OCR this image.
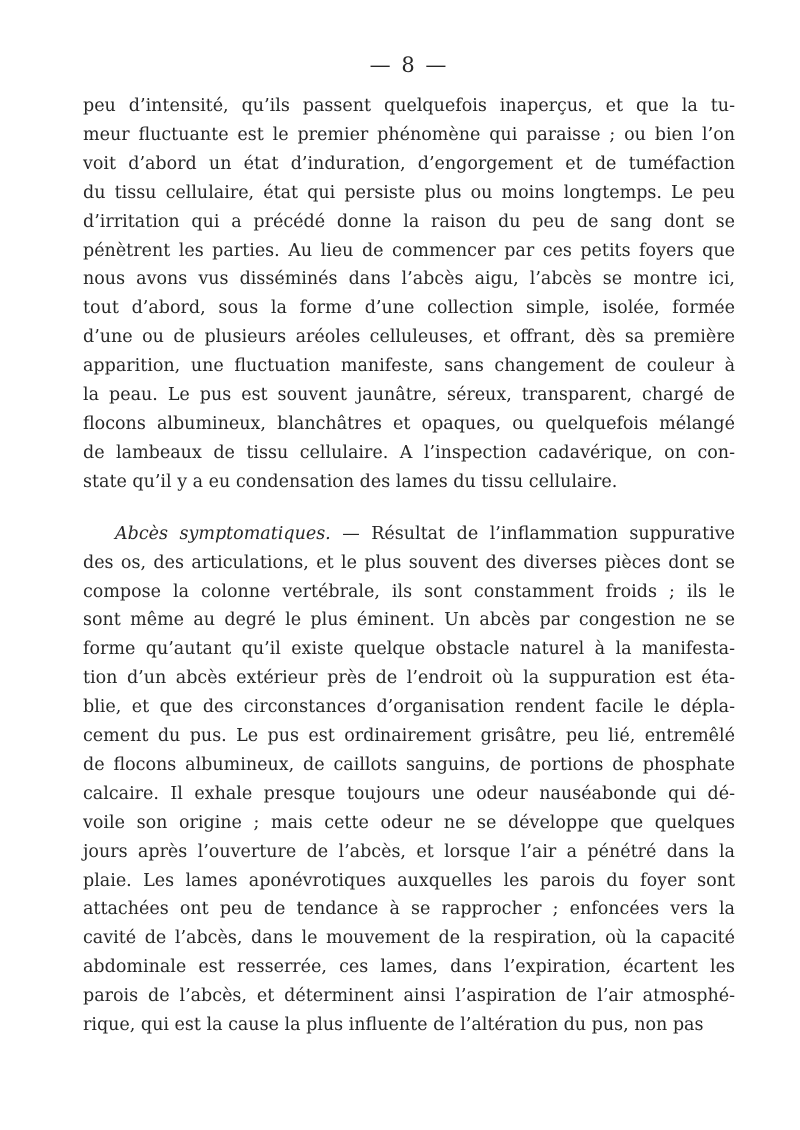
— 8 —
peu d’intensité, qu’ils passent quelquefois inaperçus, et que la tu-
meur fluctuante est le premier phénomène qui paraisse ; ou bien l’on
voit d’abord un état d’induration, d’engorgement et de tuméfaction
du tissu cellulaire, état qui persiste plus ou moins longtemps. Le peu
d’irritation qui a précédé donne la raison du peu de sang dont se
pénètrent les parties. Au lieu de commencer par ces petits foyers que
nous avons vus disséminés dans l’abcès aigu, l’abcès se montre ici,
tout d’abord, sous la forme d’une collection simple, isolée, formée
d’une ou de plusieurs aréoles celluleuses, et offrant, dès sa première
apparition, une fluctuation manifeste, sans changement de couleur à
la peau. Le pus est souvent jaunâtre, séreux, transparent, chargé de
flocons albumineux, blanchâtres et opaques, ou quelquefois mélangé
de lambeaux de tissu cellulaire. A l’inspection cadavérique, on con-
state qu’il y a eu condensation des lames du tissu cellulaire.
Abcès symptomatiques. — Résultat de l’inflammation suppurative
des os, des articulations, et le plus souvent des diverses pièces dont se
compose la colonne vertébrale, ils sont constamment froids ; ils le
sont même au degré le plus éminent. Un abcès par congestion ne se
forme qu’autant qu’il existe quelque obstacle naturel à la manifesta-
tion d’un abcès extérieur près de l’endroit où la suppuration est éta-
blie, et que des circonstances d’organisation rendent facile le dépla-
cement du pus. Le pus est ordinairement grisâtre, peu lié, entremêlé
de flocons albumineux, de caillots sanguins, de portions de phosphate
calcaire. Il exhale presque toujours une odeur nauséabonde qui dé-
voile son origine ; mais cette odeur ne se développe que quelques
jours après l’ouverture de l’abcès, et lorsque l’air a pénétré dans la
plaie. Les lames aponévrotiques auxquelles les parois du foyer sont
attachées ont peu de tendance à se rapprocher ; enfoncées vers la
cavité de l’abcès, dans le mouvement de la respiration, où la capacité
abdominale est resserrée, ces lames, dans l’expiration, écartent les
parois de l’abcès, et déterminent ainsi l’aspiration de l’air atmosphé-
rique, qui est la cause la plus influente de l’altération du pus, non pas
